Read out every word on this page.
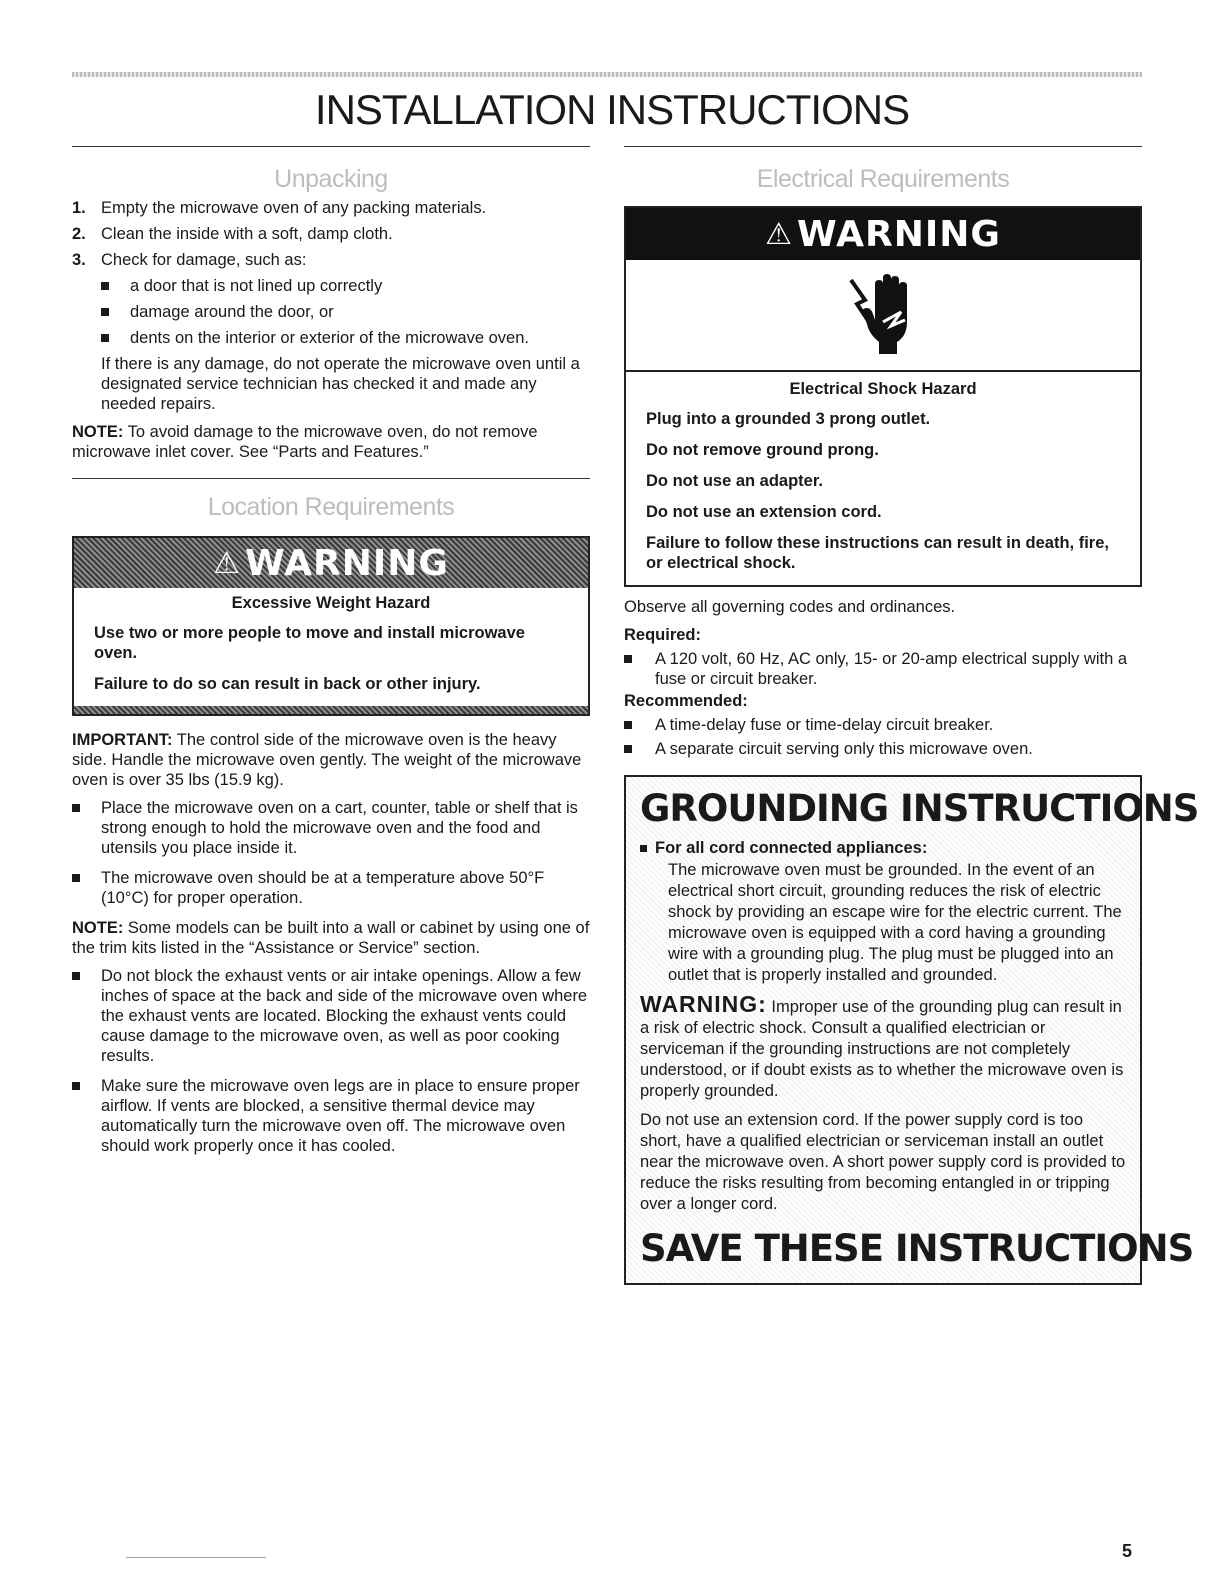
INSTALLATION INSTRUCTIONS
Unpacking
1. Empty the microwave oven of any packing materials.
2. Clean the inside with a soft, damp cloth.
3. Check for damage, such as:
a door that is not lined up correctly
damage around the door, or
dents on the interior or exterior of the microwave oven.

If there is any damage, do not operate the microwave oven until a designated service technician has checked it and made any needed repairs.

NOTE: To avoid damage to the microwave oven, do not remove microwave inlet cover. See “Parts and Features.”

Location Requirements
⚠ WARNING

Excessive Weight Hazard

Use two or more people to move and install microwave oven.

Failure to do so can result in back or other injury.

IMPORTANT: The control side of the microwave oven is the heavy side. Handle the microwave oven gently. The weight of the microwave oven is over 35 lbs (15.9 kg).

Place the microwave oven on a cart, counter, table or shelf that is strong enough to hold the microwave oven and the food and utensils you place inside it.
The microwave oven should be at a temperature above 50°F (10°C) for proper operation.

NOTE: Some models can be built into a wall or cabinet by using one of the trim kits listed in the “Assistance or Service” section.

Do not block the exhaust vents or air intake openings. Allow a few inches of space at the back and side of the microwave oven where the exhaust vents are located. Blocking the exhaust vents could cause damage to the microwave oven, as well as poor cooking results.
Make sure the microwave oven legs are in place to ensure proper airflow. If vents are blocked, a sensitive thermal device may automatically turn the microwave oven off. The microwave oven should work properly once it has cooled.
Electrical Requirements
⚠ WARNING

Electrical Shock Hazard

Plug into a grounded 3 prong outlet.

Do not remove ground prong.

Do not use an adapter.

Do not use an extension cord.

Failure to follow these instructions can result in death, fire, or electrical shock.

Observe all governing codes and ordinances.

Required:

A 120 volt, 60 Hz, AC only, 15- or 20-amp electrical supply with a fuse or circuit breaker.

Recommended:

A time-delay fuse or time-delay circuit breaker.
A separate circuit serving only this microwave oven.

GROUNDING INSTRUCTIONS

For all cord connected appliances:

The microwave oven must be grounded. In the event of an electrical short circuit, grounding reduces the risk of electric shock by providing an escape wire for the electric current. The microwave oven is equipped with a cord having a grounding wire with a grounding plug. The plug must be plugged into an outlet that is properly installed and grounded.

WARNING: Improper use of the grounding plug can result in a risk of electric shock. Consult a qualified electrician or serviceman if the grounding instructions are not completely understood, or if doubt exists as to whether the microwave oven is properly grounded.

Do not use an extension cord. If the power supply cord is too short, have a qualified electrician or serviceman install an outlet near the microwave oven. A short power supply cord is provided to reduce the risks resulting from becoming entangled in or tripping over a longer cord.

SAVE THESE INSTRUCTIONS

5
